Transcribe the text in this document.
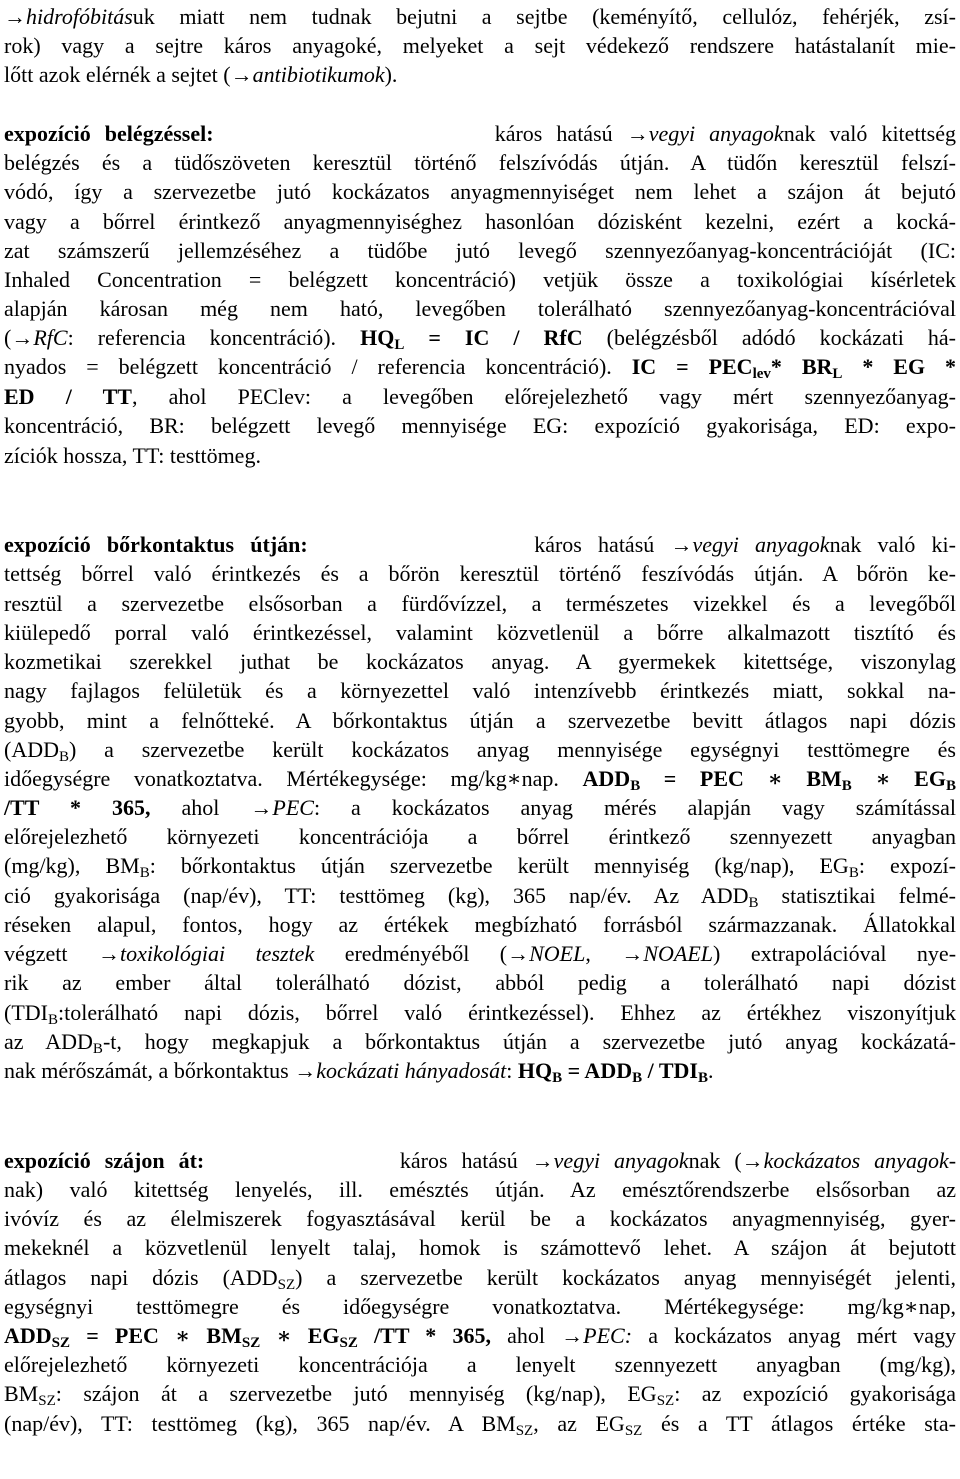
→hidrofóbitásuk miatt nem tudnak bejutni a sejtbe (keményítő, cellulóz, fehérjék, zsí-
rok) vagy a sejtre káros anyagoké, melyeket a sejt védekező rendszere hatástalanít mie-
lőtt azok elérnék a sejtet (→antibiotikumok).
expozíció belégzéssel:                    káros hatású →vegyi anyagoknak való kitettség
belégzés és a tüdőszöveten keresztül történő felszívódás útján. A tüdőn keresztül felszí-
vódó, így a szervezetbe jutó kockázatos anyagmennyiséget nem lehet a szájon át bejutó
vagy a bőrrel érintkező anyagmennyiséghez hasonlóan dózisként kezelni, ezért a kocká-
zat számszerű jellemzéséhez a tüdőbe jutó levegő szennyezőanyag-koncentrációját (IC:
Inhaled Concentration = belégzett koncentráció) vetjük össze a toxikológiai kísérletek
alapján károsan még nem ható, levegőben tolerálható szennyezőanyag-koncentrációval
(→RfC: referencia koncentráció). HQL = IC / RfC (belégzésből adódó kockázati há-
nyados = belégzett koncentráció / referencia koncentráció). IC = PEClev* BRL * EG *
ED / TT, ahol PEClev: a levegőben előrejelezhető vagy mért szennyezőanyag-
koncentráció, BR: belégzett levegő mennyisége EG: expozíció gyakorisága, ED: expo-
zíciók hossza, TT: testtömeg.
expozíció bőrkontaktus útján:              káros hatású →vegyi anyagoknak való ki-
tettség bőrrel való érintkezés és a bőrön keresztül történő feszívódás útján. A bőrön ke-
resztül a szervezetbe elsősorban a fürdővízzel, a természetes vizekkel és a levegőből
kiülepedő porral való érintkezéssel, valamint közvetlenül a bőrre alkalmazott tisztító és
kozmetikai szerekkel juthat be kockázatos anyag. A gyermekek kitettsége, viszonylag
nagy fajlagos felületük és a környezettel való intenzívebb érintkezés miatt, sokkal na-
gyobb, mint a felnőtteké. A bőrkontaktus útján a szervezetbe bevitt átlagos napi dózis
(ADDB) a szervezetbe került kockázatos anyag mennyisége egységnyi testtömegre és
időegységre vonatkoztatva. Mértékegysége: mg/kg∗nap. ADDB = PEC ∗ BMB ∗ EGB
/TT * 365, ahol →PEC: a kockázatos anyag mérés alapján vagy számítással
előrejelezhető környezeti koncentrációja a bőrrel érintkező szennyezett anyagban
(mg/kg), BMB: bőrkontaktus útján szervezetbe került mennyiség (kg/nap), EGB: expozí-
ció gyakorisága (nap/év), TT: testtömeg (kg), 365 nap/év. Az ADDB statisztikai felmé-
réseken alapul, fontos, hogy az értékek megbízható forrásból származzanak. Állatokkal
végzett →toxikológiai tesztek eredményéből (→NOEL, →NOAEL) extrapolációval nye-
rik az ember által tolerálható dózist, abból pedig a tolerálható napi dózist
(TDIB:tolerálható napi dózis, bőrrel való érintkezéssel). Ehhez az értékhez viszonyítjuk
az ADDB-t, hogy megkapjuk a bőrkontaktus útján a szervezetbe jutó anyag kockázatá-
nak mérőszámát, a bőrkontaktus →kockázati hányadosát: HQB = ADDB / TDIB.
expozíció szájon át:              káros hatású →vegyi anyagoknak (→kockázatos anyagok-
nak) való kitettség lenyelés, ill. emésztés útján. Az emésztőrendszerbe elsősorban az
ivóvíz és az élelmiszerek fogyasztásával kerül be a kockázatos anyagmennyiség, gyer-
mekeknél a közvetlenül lenyelt talaj, homok is számottevő lehet. A szájon át bejutott
átlagos napi dózis (ADDSZ) a szervezetbe került kockázatos anyag mennyiségét jelenti,
egységnyi testtömegre és időegységre vonatkoztatva. Mértékegysége: mg/kg∗nap,
ADDSZ = PEC ∗ BMSZ ∗ EGSZ /TT * 365, ahol →PEC: a kockázatos anyag mért vagy
előrejelezhető környezeti koncentrációja a lenyelt szennyezett anyagban (mg/kg),
BMSZ: szájon át a szervezetbe jutó mennyiség (kg/nap), EGSZ: az expozíció gyakorisága
(nap/év), TT: testtömeg (kg), 365 nap/év. A BMSZ, az EGSZ és a TT átlagos értéke sta-
